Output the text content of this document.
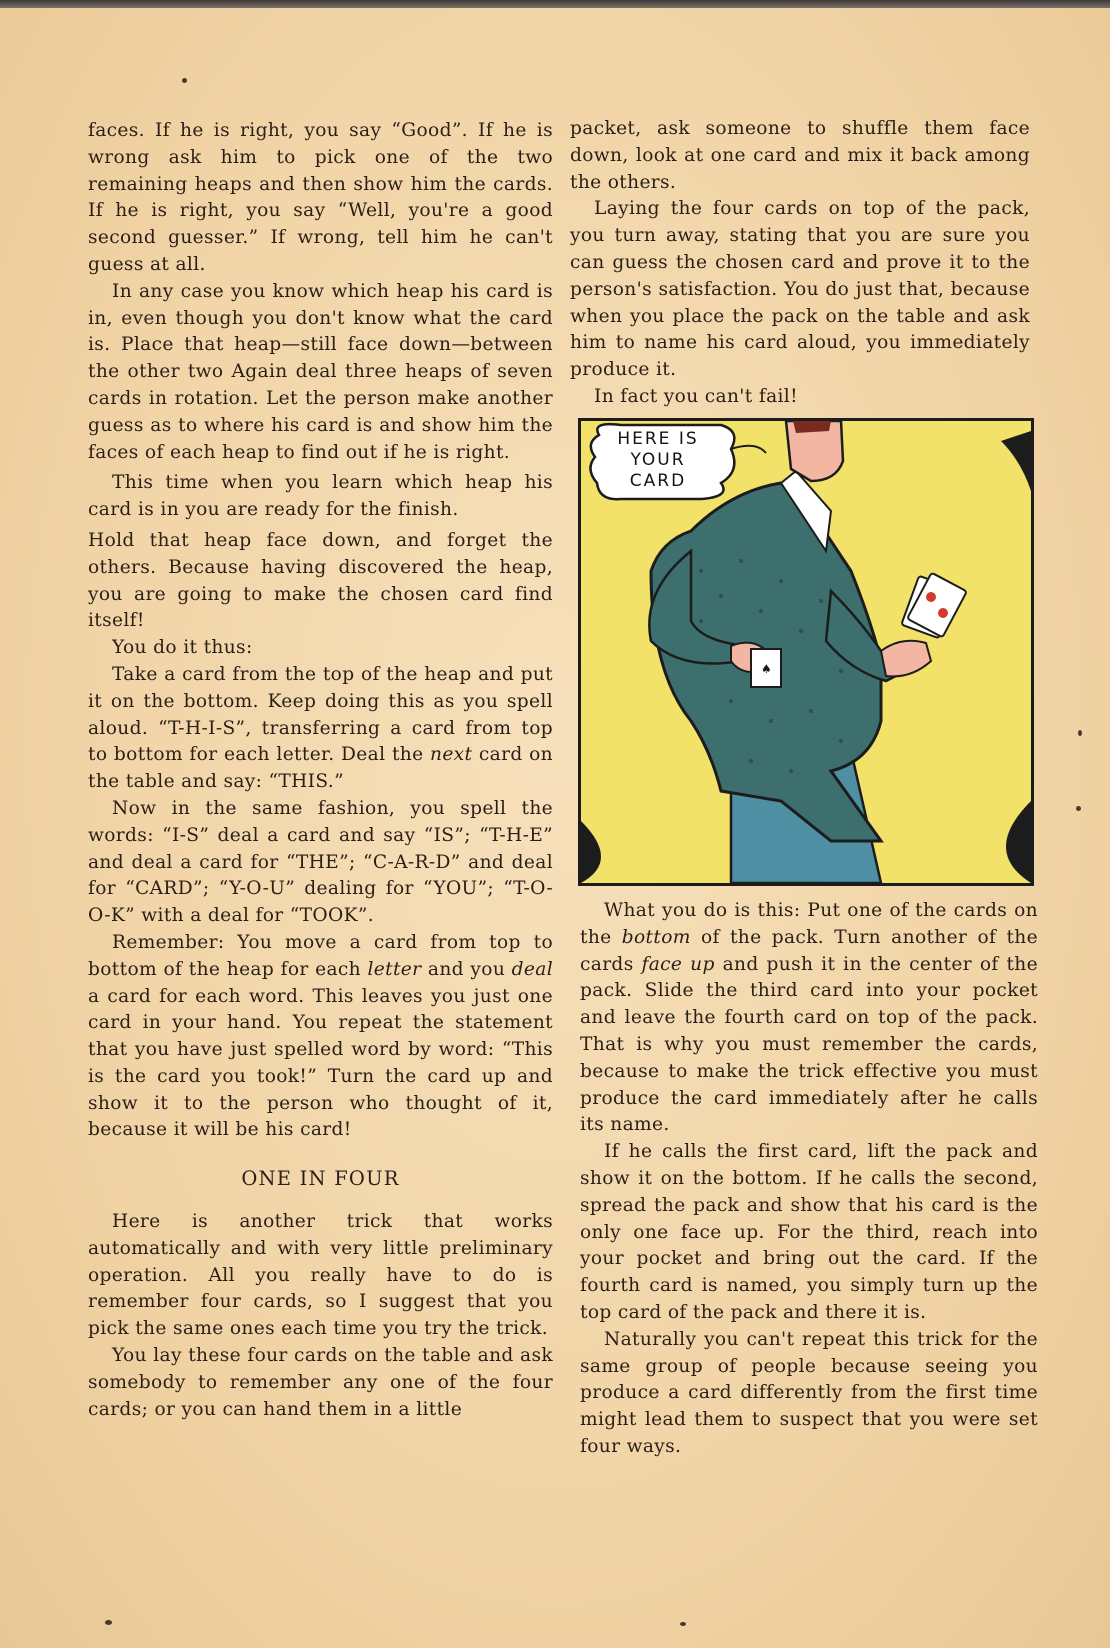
faces. If he is right, you say “Good”. If he is wrong ask him to pick one of the two remaining heaps and then show him the cards. If he is right, you say “Well, you're a good second guesser.” If wrong, tell him he can't guess at all.

In any case you know which heap his card is in, even though you don't know what the card is. Place that heap—still face down—between the other two Again deal three heaps of seven cards in rotation. Let the person make another guess as to where his card is and show him the faces of each heap to find out if he is right.

This time when you learn which heap his card is in you are ready for the finish.

Hold that heap face down, and forget the others. Because having discovered the heap, you are going to make the chosen card find itself!

You do it thus:

Take a card from the top of the heap and put it on the bottom. Keep doing this as you spell aloud. “T-H-I-S”, transferring a card from top to bottom for each letter. Deal the next card on the table and say: “THIS.”

Now in the same fashion, you spell the words: “I-S” deal a card and say “IS”; “T-H-E” and deal a card for “THE”; “C-A-R-D” and deal for “CARD”; “Y-O-U” dealing for “YOU”; “T-O-O-K” with a deal for “TOOK”.

Remember: You move a card from top to bottom of the heap for each letter and you deal a card for each word. This leaves you just one card in your hand. You repeat the statement that you have just spelled word by word: “This is the card you took!” Turn the card up and show it to the person who thought of it, because it will be his card!

ONE IN FOUR

Here is another trick that works automatically and with very little preliminary operation. All you really have to do is remember four cards, so I suggest that you pick the same ones each time you try the trick.

You lay these four cards on the table and ask somebody to remember any one of the four cards; or you can hand them in a little

packet, ask someone to shuffle them face down, look at one card and mix it back among the others.

Laying the four cards on top of the pack, you turn away, stating that you are sure you can guess the chosen card and prove it to the person's satisfaction. You do just that, because when you place the pack on the table and ask him to name his card aloud, you immediately produce it.

In fact you can't fail!

♠
HERE IS
YOUR
CARD

What you do is this: Put one of the cards on the bottom of the pack. Turn another of the cards face up and push it in the center of the pack. Slide the third card into your pocket and leave the fourth card on top of the pack. That is why you must remember the cards, because to make the trick effective you must produce the card immediately after he calls its name.

If he calls the first card, lift the pack and show it on the bottom. If he calls the second, spread the pack and show that his card is the only one face up. For the third, reach into your pocket and bring out the card. If the fourth card is named, you simply turn up the top card of the pack and there it is.

Naturally you can't repeat this trick for the same group of people because seeing you produce a card differently from the first time might lead them to suspect that you were set four ways.
